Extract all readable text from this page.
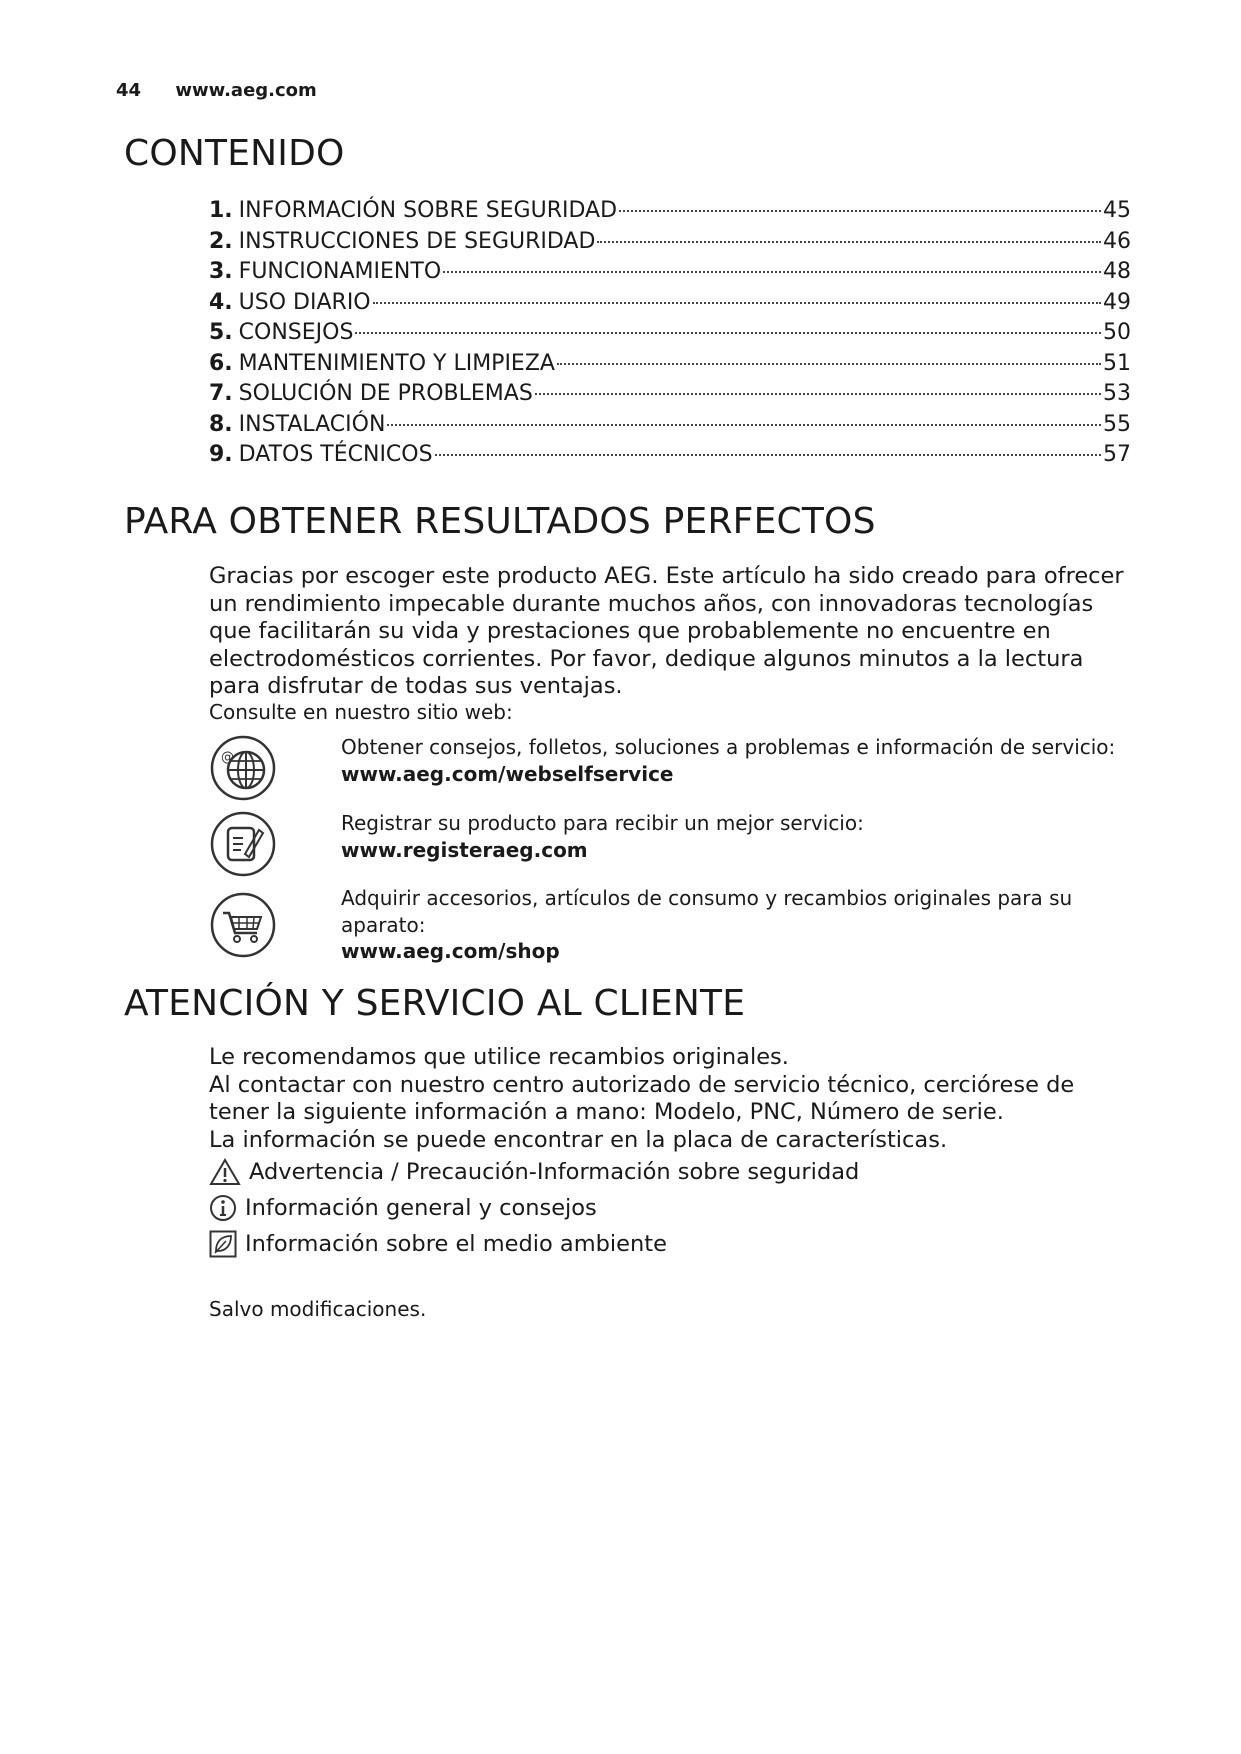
44 www.aeg.com
CONTENIDO
1. INFORMACIÓN SOBRE SEGURIDAD	45
2. INSTRUCCIONES DE SEGURIDAD	46
3. FUNCIONAMIENTO	48
4. USO DIARIO	49
5. CONSEJOS	50
6. MANTENIMIENTO Y LIMPIEZA	51
7. SOLUCIÓN DE PROBLEMAS	53
8. INSTALACIÓN	55
9. DATOS TÉCNICOS	57
PARA OBTENER RESULTADOS PERFECTOS
Gracias por escoger este producto AEG. Este artículo ha sido creado para ofrecer
un rendimiento impecable durante muchos años, con innovadoras tecnologías
que facilitarán su vida y prestaciones que probablemente no encuentre en
electrodomésticos corrientes. Por favor, dedique algunos minutos a la lectura
para disfrutar de todas sus ventajas.
Consulte en nuestro sitio web:
@	Obtener consejos, folletos, soluciones a problemas e información de servicio:
www.aeg.com/webselfservice
Registrar su producto para recibir un mejor servicio:
www.registeraeg.com
Adquirir accesorios, artículos de consumo y recambios originales para su
aparato:
www.aeg.com/shop
ATENCIÓN Y SERVICIO AL CLIENTE
Le recomendamos que utilice recambios originales.
Al contactar con nuestro centro autorizado de servicio técnico, cerciórese de
tener la siguiente información a mano: Modelo, PNC, Número de serie.
La información se puede encontrar en la placa de características.
Advertencia / Precaución-Información sobre seguridad
Información general y consejos
Información sobre el medio ambiente
Salvo modificaciones.
